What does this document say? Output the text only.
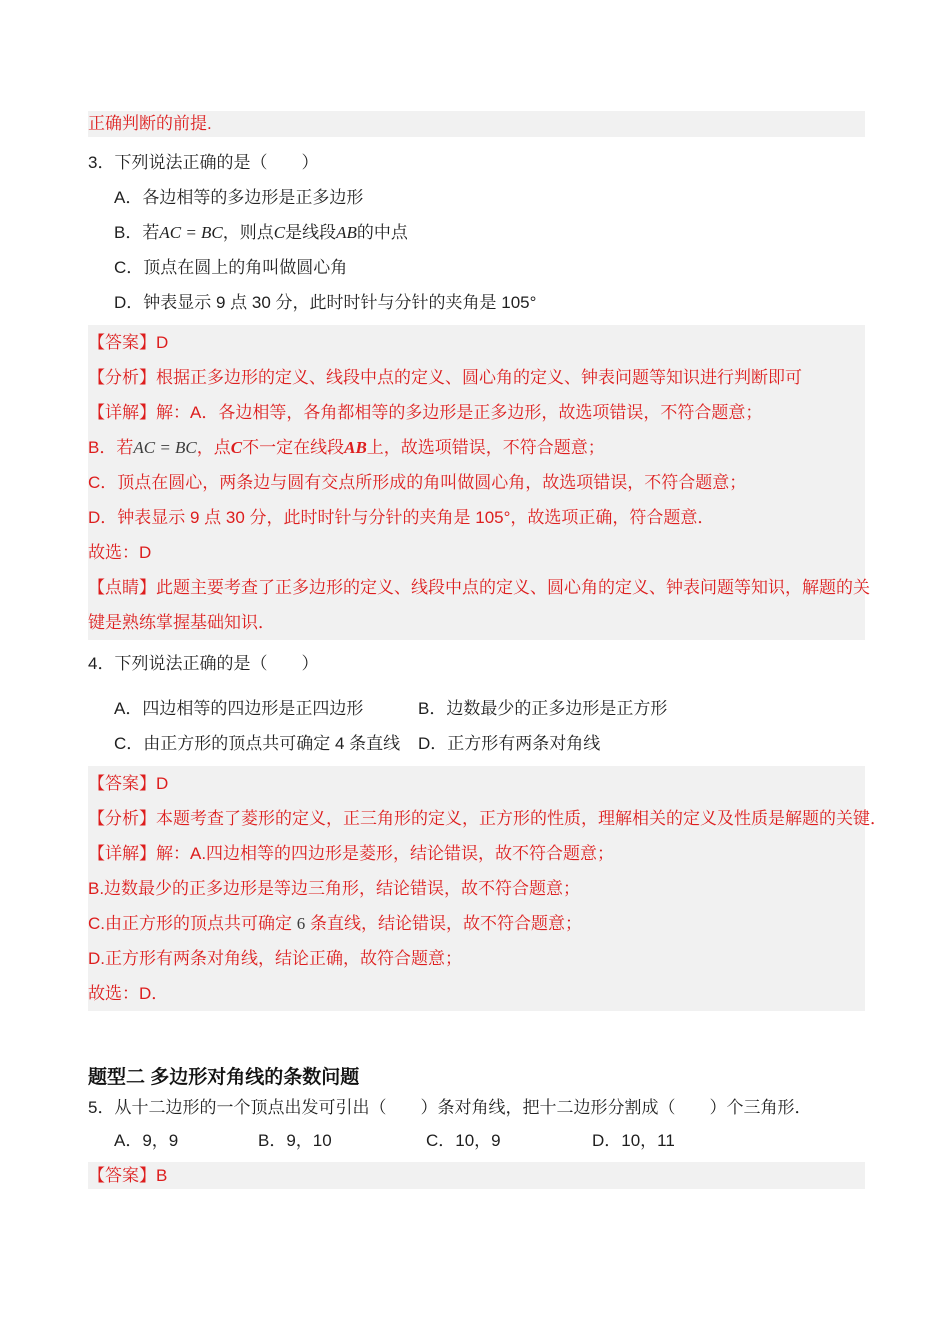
正确判断的前提.
3．下列说法正确的是（　　）
A．各边相等的多边形是正多边形
B．若AC = BC，则点C是线段AB的中点
C．顶点在圆上的角叫做圆心角
D．钟表显示 9 点 30 分，此时时针与分针的夹角是 105°
【答案】D
【分析】根据正多边形的定义、线段中点的定义、圆心角的定义、钟表问题等知识进行判断即可
【详解】解：A．各边相等，各角都相等的多边形是正多边形，故选项错误，不符合题意；
B．若AC = BC，点C不一定在线段AB上，故选项错误，不符合题意；
C．顶点在圆心，两条边与圆有交点所形成的角叫做圆心角，故选项错误，不符合题意；
D．钟表显示 9 点 30 分，此时时针与分针的夹角是 105°，故选项正确，符合题意．
故选：D
【点睛】此题主要考查了正多边形的定义、线段中点的定义、圆心角的定义、钟表问题等知识，解题的关
键是熟练掌握基础知识．
4．下列说法正确的是（　　）
A．四边相等的四边形是正四边形	B．边数最少的正多边形是正方形
C．由正方形的顶点共可确定 4 条直线 D．正方形有两条对角线
【答案】D
【分析】本题考查了菱形的定义，正三角形的定义，正方形的性质，理解相关的定义及性质是解题的关键．
【详解】解：A.四边相等的四边形是菱形，结论错误，故不符合题意；
B.边数最少的正多边形是等边三角形，结论错误，故不符合题意；
C.由正方形的顶点共可确定 6 条直线，结论错误，故不符合题意；
D.正方形有两条对角线，结论正确，故符合题意；
故选：D．
题型二 多边形对角线的条数问题
5．从十二边形的一个顶点出发可引出（　　）条对角线，把十二边形分割成（　　）个三角形．
A．9，9	B．9，10	C．10，9	D．10，11
【答案】B
